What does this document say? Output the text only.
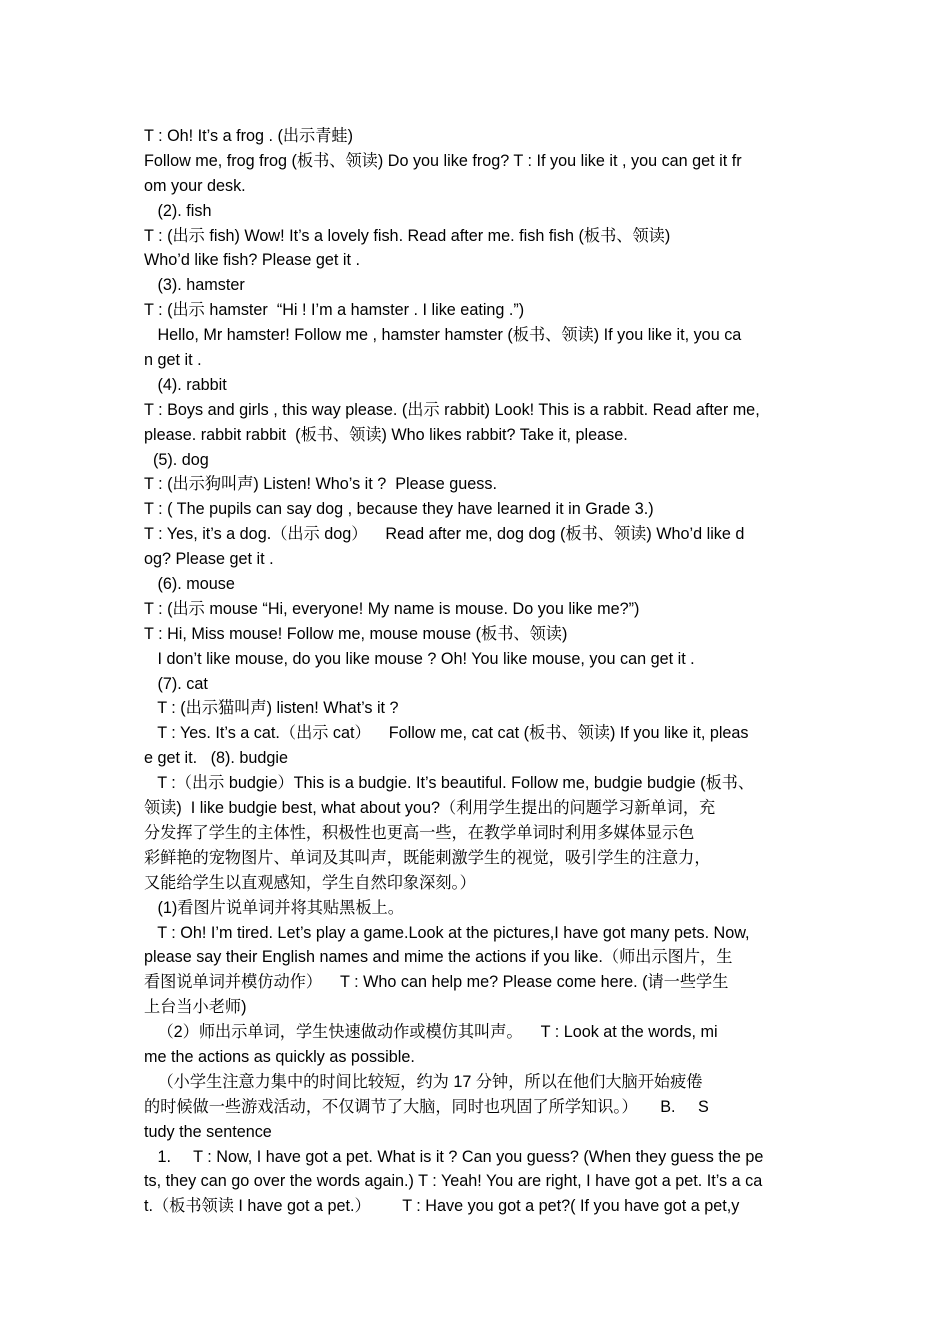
T : Oh! It’s a frog . (出示青蛙)
Follow me, frog frog (板书、领读) Do you like frog? T : If you like it , you can get it fr
om your desk.
(2). fish
T : (出示 fish) Wow! It’s a lovely fish. Read after me. fish fish (板书、领读)
Who’d like fish? Please get it .
(3). hamster
T : (出示 hamster  “Hi ! I’m a hamster . I like eating .”)
Hello, Mr hamster! Follow me , hamster hamster (板书、领读) If you like it, you ca
n get it .
(4). rabbit
T : Boys and girls , this way please. (出示 rabbit) Look! This is a rabbit. Read after me,
please. rabbit rabbit  (板书、领读) Who likes rabbit? Take it, please.
(5). dog
T : (出示狗叫声) Listen! Who’s it ?  Please guess.
T : ( The pupils can say dog , because they have learned it in Grade 3.)
T : Yes, it’s a dog.（出示 dog）    Read after me, dog dog (板书、领读) Who’d like d
og? Please get it .
(6). mouse
T : (出示 mouse “Hi, everyone! My name is mouse. Do you like me?”)
T : Hi, Miss mouse! Follow me, mouse mouse (板书、领读)
I don’t like mouse, do you like mouse ? Oh! You like mouse, you can get it .
(7). cat
T : (出示猫叫声) listen! What’s it ?
T : Yes. It’s a cat.（出示 cat）    Follow me, cat cat (板书、领读) If you like it, pleas
e get it.   (8). budgie
T :（出示 budgie）This is a budgie. It’s beautiful. Follow me, budgie budgie (板书、
领读)  I like budgie best, what about you?（利用学生提出的问题学习新单词，充
分发挥了学生的主体性，积极性也更高一些，在教学单词时利用多媒体显示色
彩鲜艳的宠物图片、单词及其叫声，既能刺激学生的视觉，吸引学生的注意力，
又能给学生以直观感知，学生自然印象深刻。）
(1)看图片说单词并将其贴黑板上。
T : Oh! I’m tired. Let’s play a game.Look at the pictures,I have got many pets. Now,
please say their English names and mime the actions if you like.（师出示图片，生
看图说单词并模仿动作）    T : Who can help me? Please come here. (请一些学生
上台当小老师)
（2）师出示单词，学生快速做动作或模仿其叫声。    T : Look at the words, mi
me the actions as quickly as possible.
（小学生注意力集中的时间比较短，约为 17 分钟，所以在他们大脑开始疲倦
的时候做一些游戏活动，不仅调节了大脑，同时也巩固了所学知识。）     B.     S
tudy the sentence
1.     T : Now, I have got a pet. What is it ? Can you guess? (When they guess the pe
ts, they can go over the words again.) T : Yeah! You are right, I have got a pet. It’s a ca
t.（板书领读 I have got a pet.）       T : Have you got a pet?( If you have got a pet,y
